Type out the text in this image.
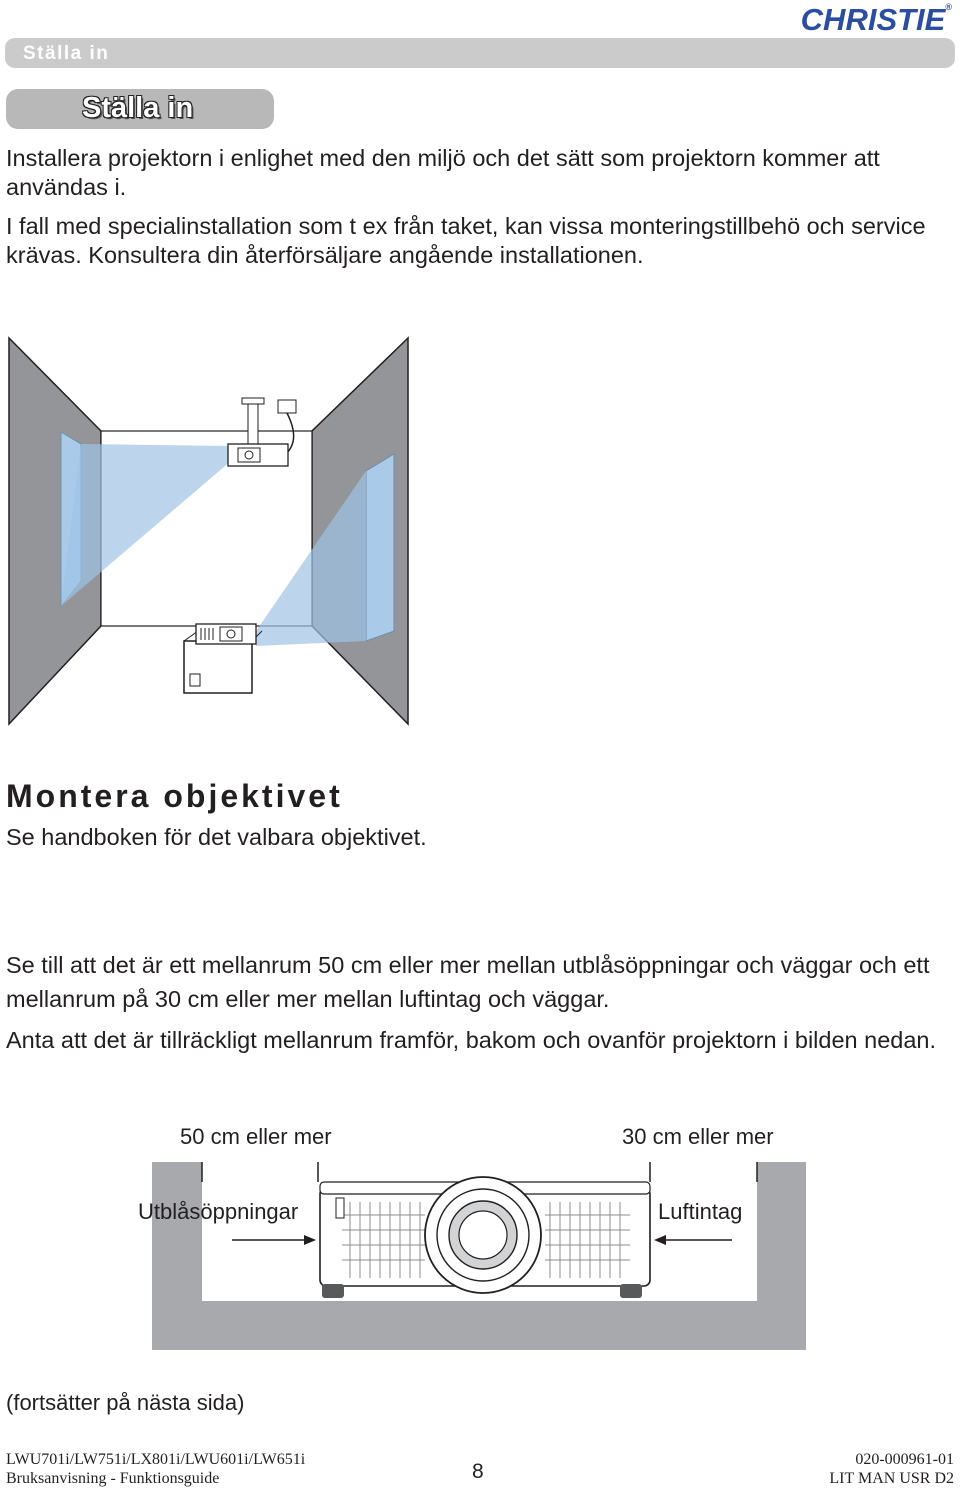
CHRISTIE®
Ställa in
Ställa in

Installera projektorn i enlighet med den miljö och det sätt som projektorn kommer att användas i.

I fall med specialinstallation som t ex från taket, kan vissa monteringstillbehö och service krävas. Konsultera din återförsäljare angående installationen.

Montera objektivet

Se handboken för det valbara objektivet.

Se till att det är ett mellanrum 50 cm eller mer mellan utblåsöppningar och väggar och ett mellanrum på 30 cm eller mer mellan luftintag och väggar.

Anta att det är tillräckligt mellanrum framför, bakom och ovanför projektorn i bilden nedan.

50 cm eller mer	30 cm eller mer

Utblåsöppningar	Luftintag

(fortsätter på nästa sida)

LWU701i/LW751i/LX801i/LWU601i/LW651i
Bruksanvisning - Funktionsguide	8
020-000961-01
LIT MAN USR D2
